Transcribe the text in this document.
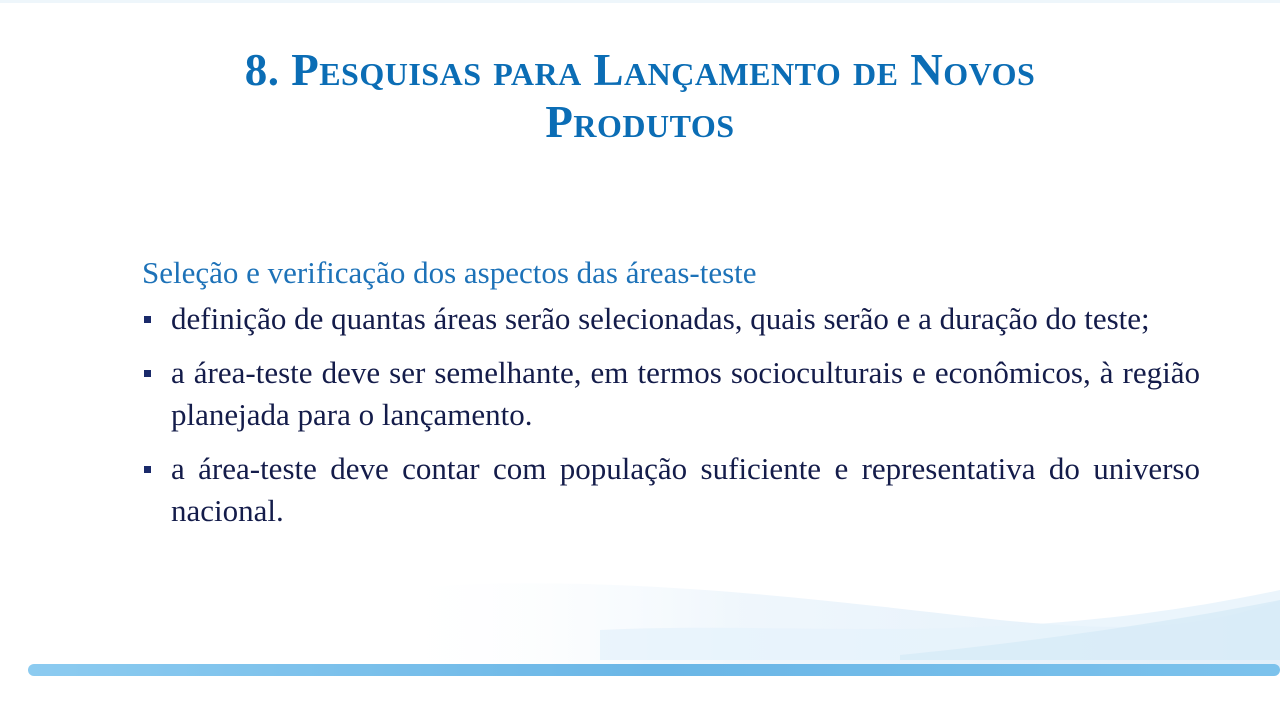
8. Pesquisas para Lançamento de Novos
Produtos

Seleção e verificação dos aspectos das áreas-teste

definição de quantas áreas serão selecionadas, quais serão e a duração do teste;
a área-teste deve ser semelhante, em termos socioculturais e econômicos, à região planejada para o lançamento.
a área-teste deve contar com população suficiente e representativa do universo nacional.
